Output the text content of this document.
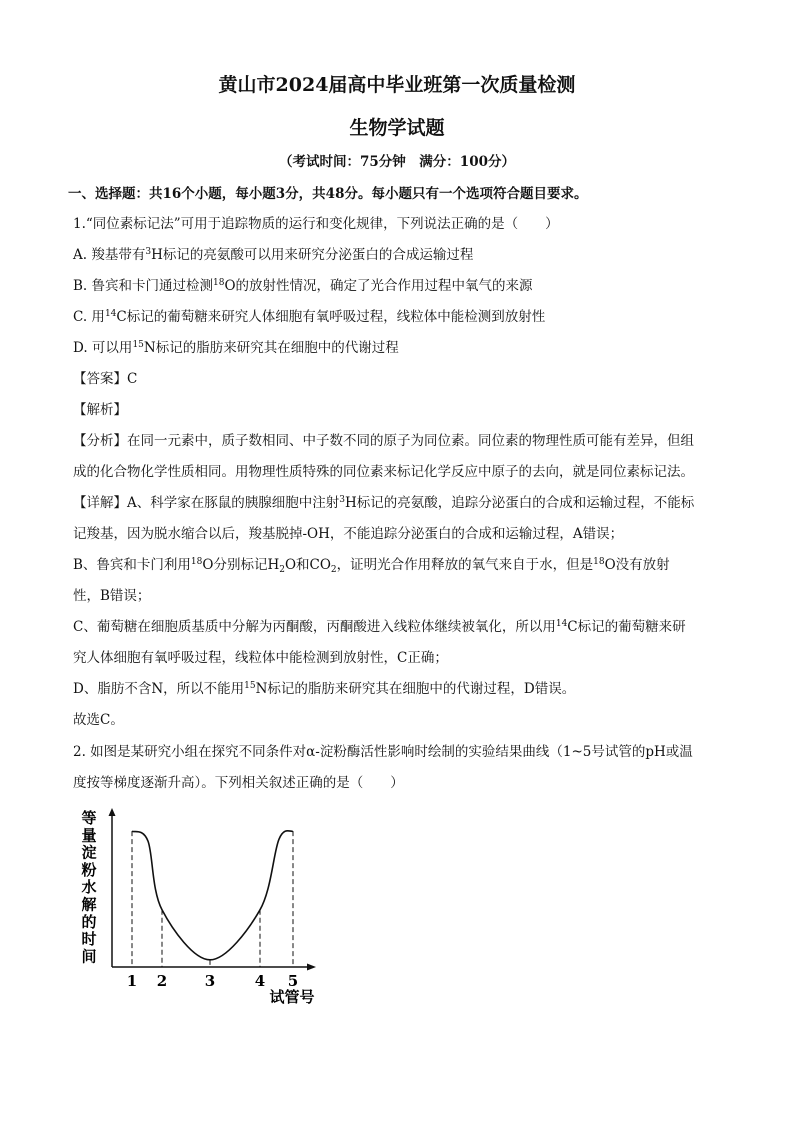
黄山市2024届高中毕业班第一次质量检测
生物学试题
（考试时间：75分钟　满分：100分）
一、选择题：共16个小题，每小题3分，共48分。每小题只有一个选项符合题目要求。
1.“同位素标记法”可用于追踪物质的运行和变化规律，下列说法正确的是（　　）
A. 羧基带有$^3$H标记的亮氨酸可以用来研究分泌蛋白的合成运输过程
B. 鲁宾和卡门通过检测$^{18}$O的放射性情况，确定了光合作用过程中氧气的来源
C. 用$^{14}$C标记的葡萄糖来研究人体细胞有氧呼吸过程，线粒体中能检测到放射性
D. 可以用$^{15}$N标记的脂肪来研究其在细胞中的代谢过程
【答案】C
【解析】
【分析】在同一元素中，质子数相同、中子数不同的原子为同位素。同位素的物理性质可能有差异，但组
成的化合物化学性质相同。用物理性质特殊的同位素来标记化学反应中原子的去向，就是同位素标记法。
【详解】A、科学家在豚鼠的胰腺细胞中注射$^3$H标记的亮氨酸，追踪分泌蛋白的合成和运输过程，不能标
记羧基，因为脱水缩合以后，羧基脱掉-OH，不能追踪分泌蛋白的合成和运输过程，A错误；
B、鲁宾和卡门利用$^{18}$O分别标记$H_2O$和$CO_2$，证明光合作用释放的氧气来自于水，但是$^{18}$O没有放射
性，B错误；
C、葡萄糖在细胞质基质中分解为丙酮酸，丙酮酸进入线粒体继续被氧化，所以用$^{14}$C标记的葡萄糖来研
究人体细胞有氧呼吸过程，线粒体中能检测到放射性，C正确；
D、脂肪不含N，所以不能用$^{15}$N标记的脂肪来研究其在细胞中的代谢过程，D错误。
故选C。
2. 如图是某研究小组在探究不同条件对α-淀粉酶活性影响时绘制的实验结果曲线（1~5号试管的pH或温
度按等梯度逐渐升高）。下列相关叙述正确的是（　　）
等
量
淀
粉
水
解
的
时
间
1 2	3	4 5
试管号
